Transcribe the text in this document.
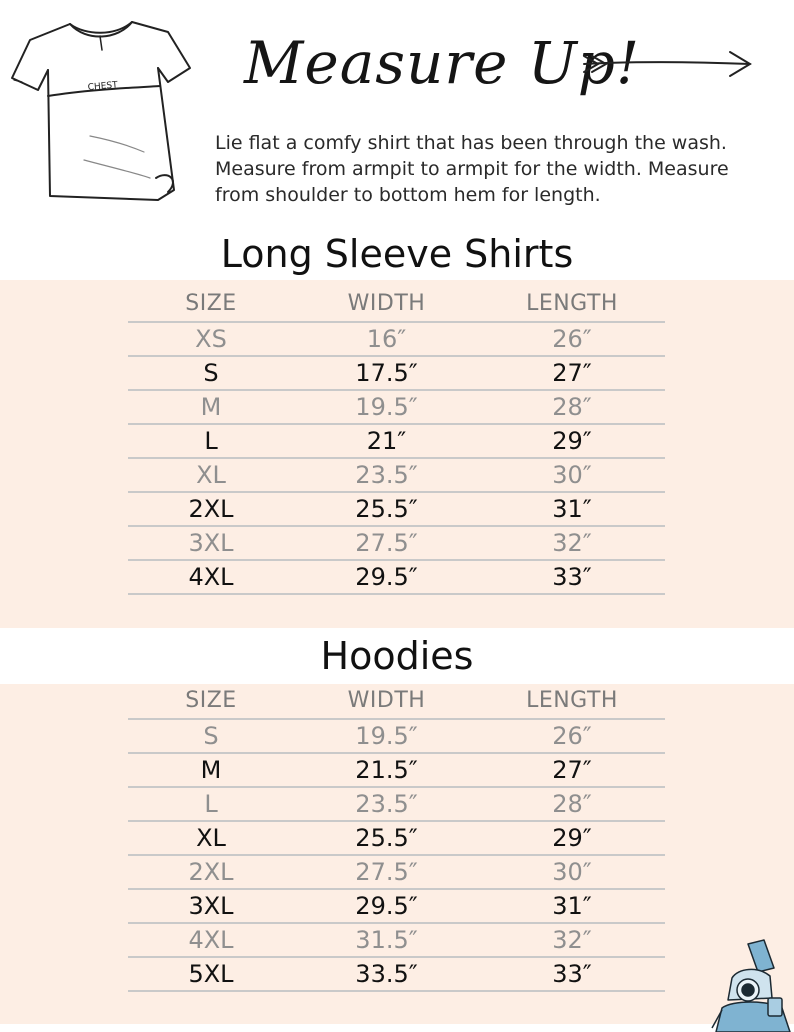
CHEST Measure Up!

Lie flat a comfy shirt that has been through the wash.

Measure from armpit to armpit for the width. Measure

from shoulder to bottom hem for length.

Long Sleeve Shirts
SIZE	WIDTH	LENGTH
XS	16″	26″
S	17.5″	27″
M	19.5″	28″
L	21″	29″
XL	23.5″	30″
2XL	25.5″	31″
3XL	27.5″	32″
4XL	29.5″	33″
Hoodies
SIZE	WIDTH	LENGTH
S	19.5″	26″
M	21.5″	27″
L	23.5″	28″
XL	25.5″	29″
2XL	27.5″	30″
3XL	29.5″	31″
4XL	31.5″	32″
5XL	33.5″	33″
